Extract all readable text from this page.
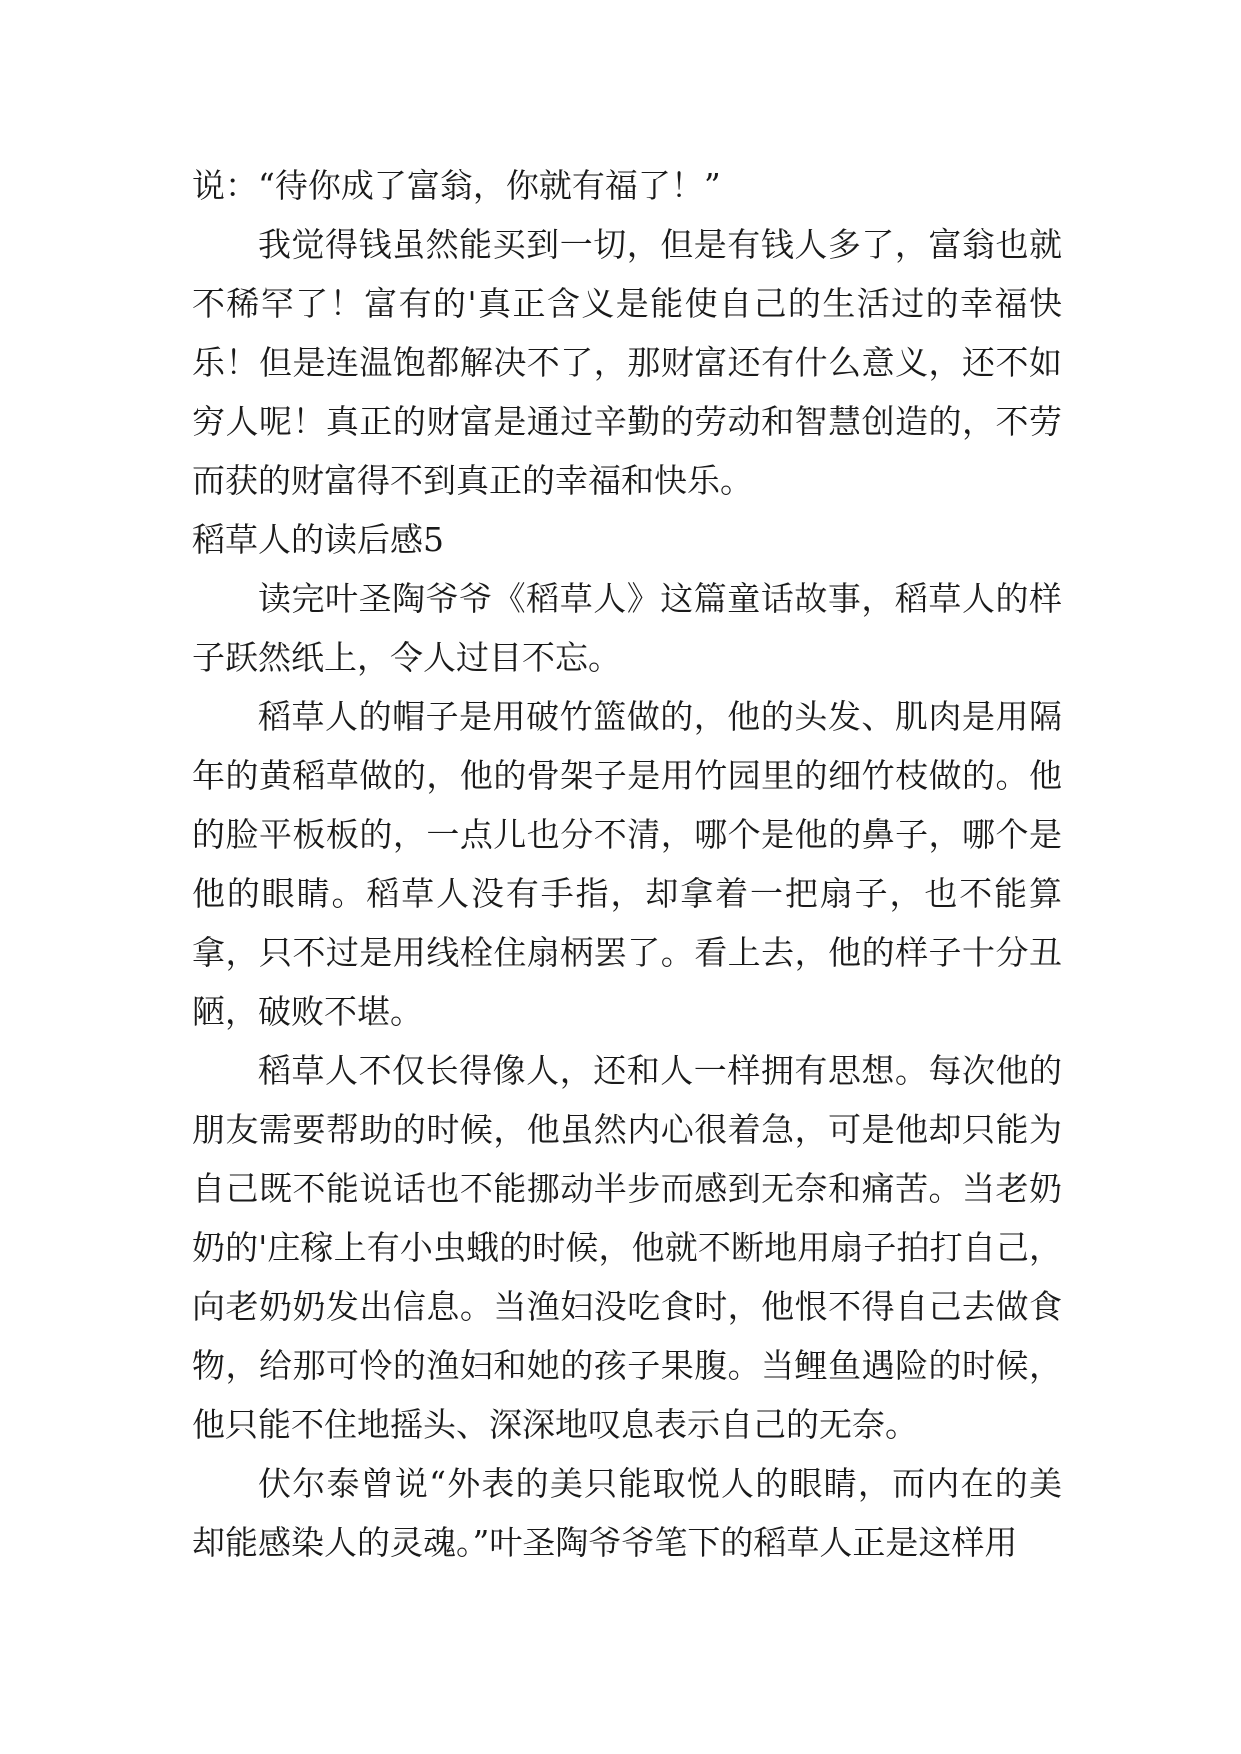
说：“待你成了富翁，你就有福了！”

我觉得钱虽然能买到一切，但是有钱人多了，富翁也就不稀罕了！富有的'真正含义是能使自己的生活过的幸福快乐！但是连温饱都解决不了，那财富还有什么意义，还不如穷人呢！真正的财富是通过辛勤的劳动和智慧创造的，不劳而获的财富得不到真正的幸福和快乐。

稻草人的读后感5

读完叶圣陶爷爷《稻草人》这篇童话故事，稻草人的样子跃然纸上，令人过目不忘。

稻草人的帽子是用破竹篮做的，他的头发、肌肉是用隔年的黄稻草做的，他的骨架子是用竹园里的细竹枝做的。他的脸平板板的，一点儿也分不清，哪个是他的鼻子，哪个是他的眼睛。稻草人没有手指，却拿着一把扇子，也不能算拿，只不过是用线栓住扇柄罢了。看上去，他的样子十分丑陋，破败不堪。

稻草人不仅长得像人，还和人一样拥有思想。每次他的朋友需要帮助的时候，他虽然内心很着急，可是他却只能为自己既不能说话也不能挪动半步而感到无奈和痛苦。当老奶奶的'庄稼上有小虫蛾的时候，他就不断地用扇子拍打自己，向老奶奶发出信息。当渔妇没吃食时，他恨不得自己去做食物，给那可怜的渔妇和她的孩子果腹。当鲤鱼遇险的时候，他只能不住地摇头、深深地叹息表示自己的无奈。

伏尔泰曾说“外表的美只能取悦人的眼睛，而内在的美却能感染人的灵魂。”叶圣陶爷爷笔下的稻草人正是这样用
